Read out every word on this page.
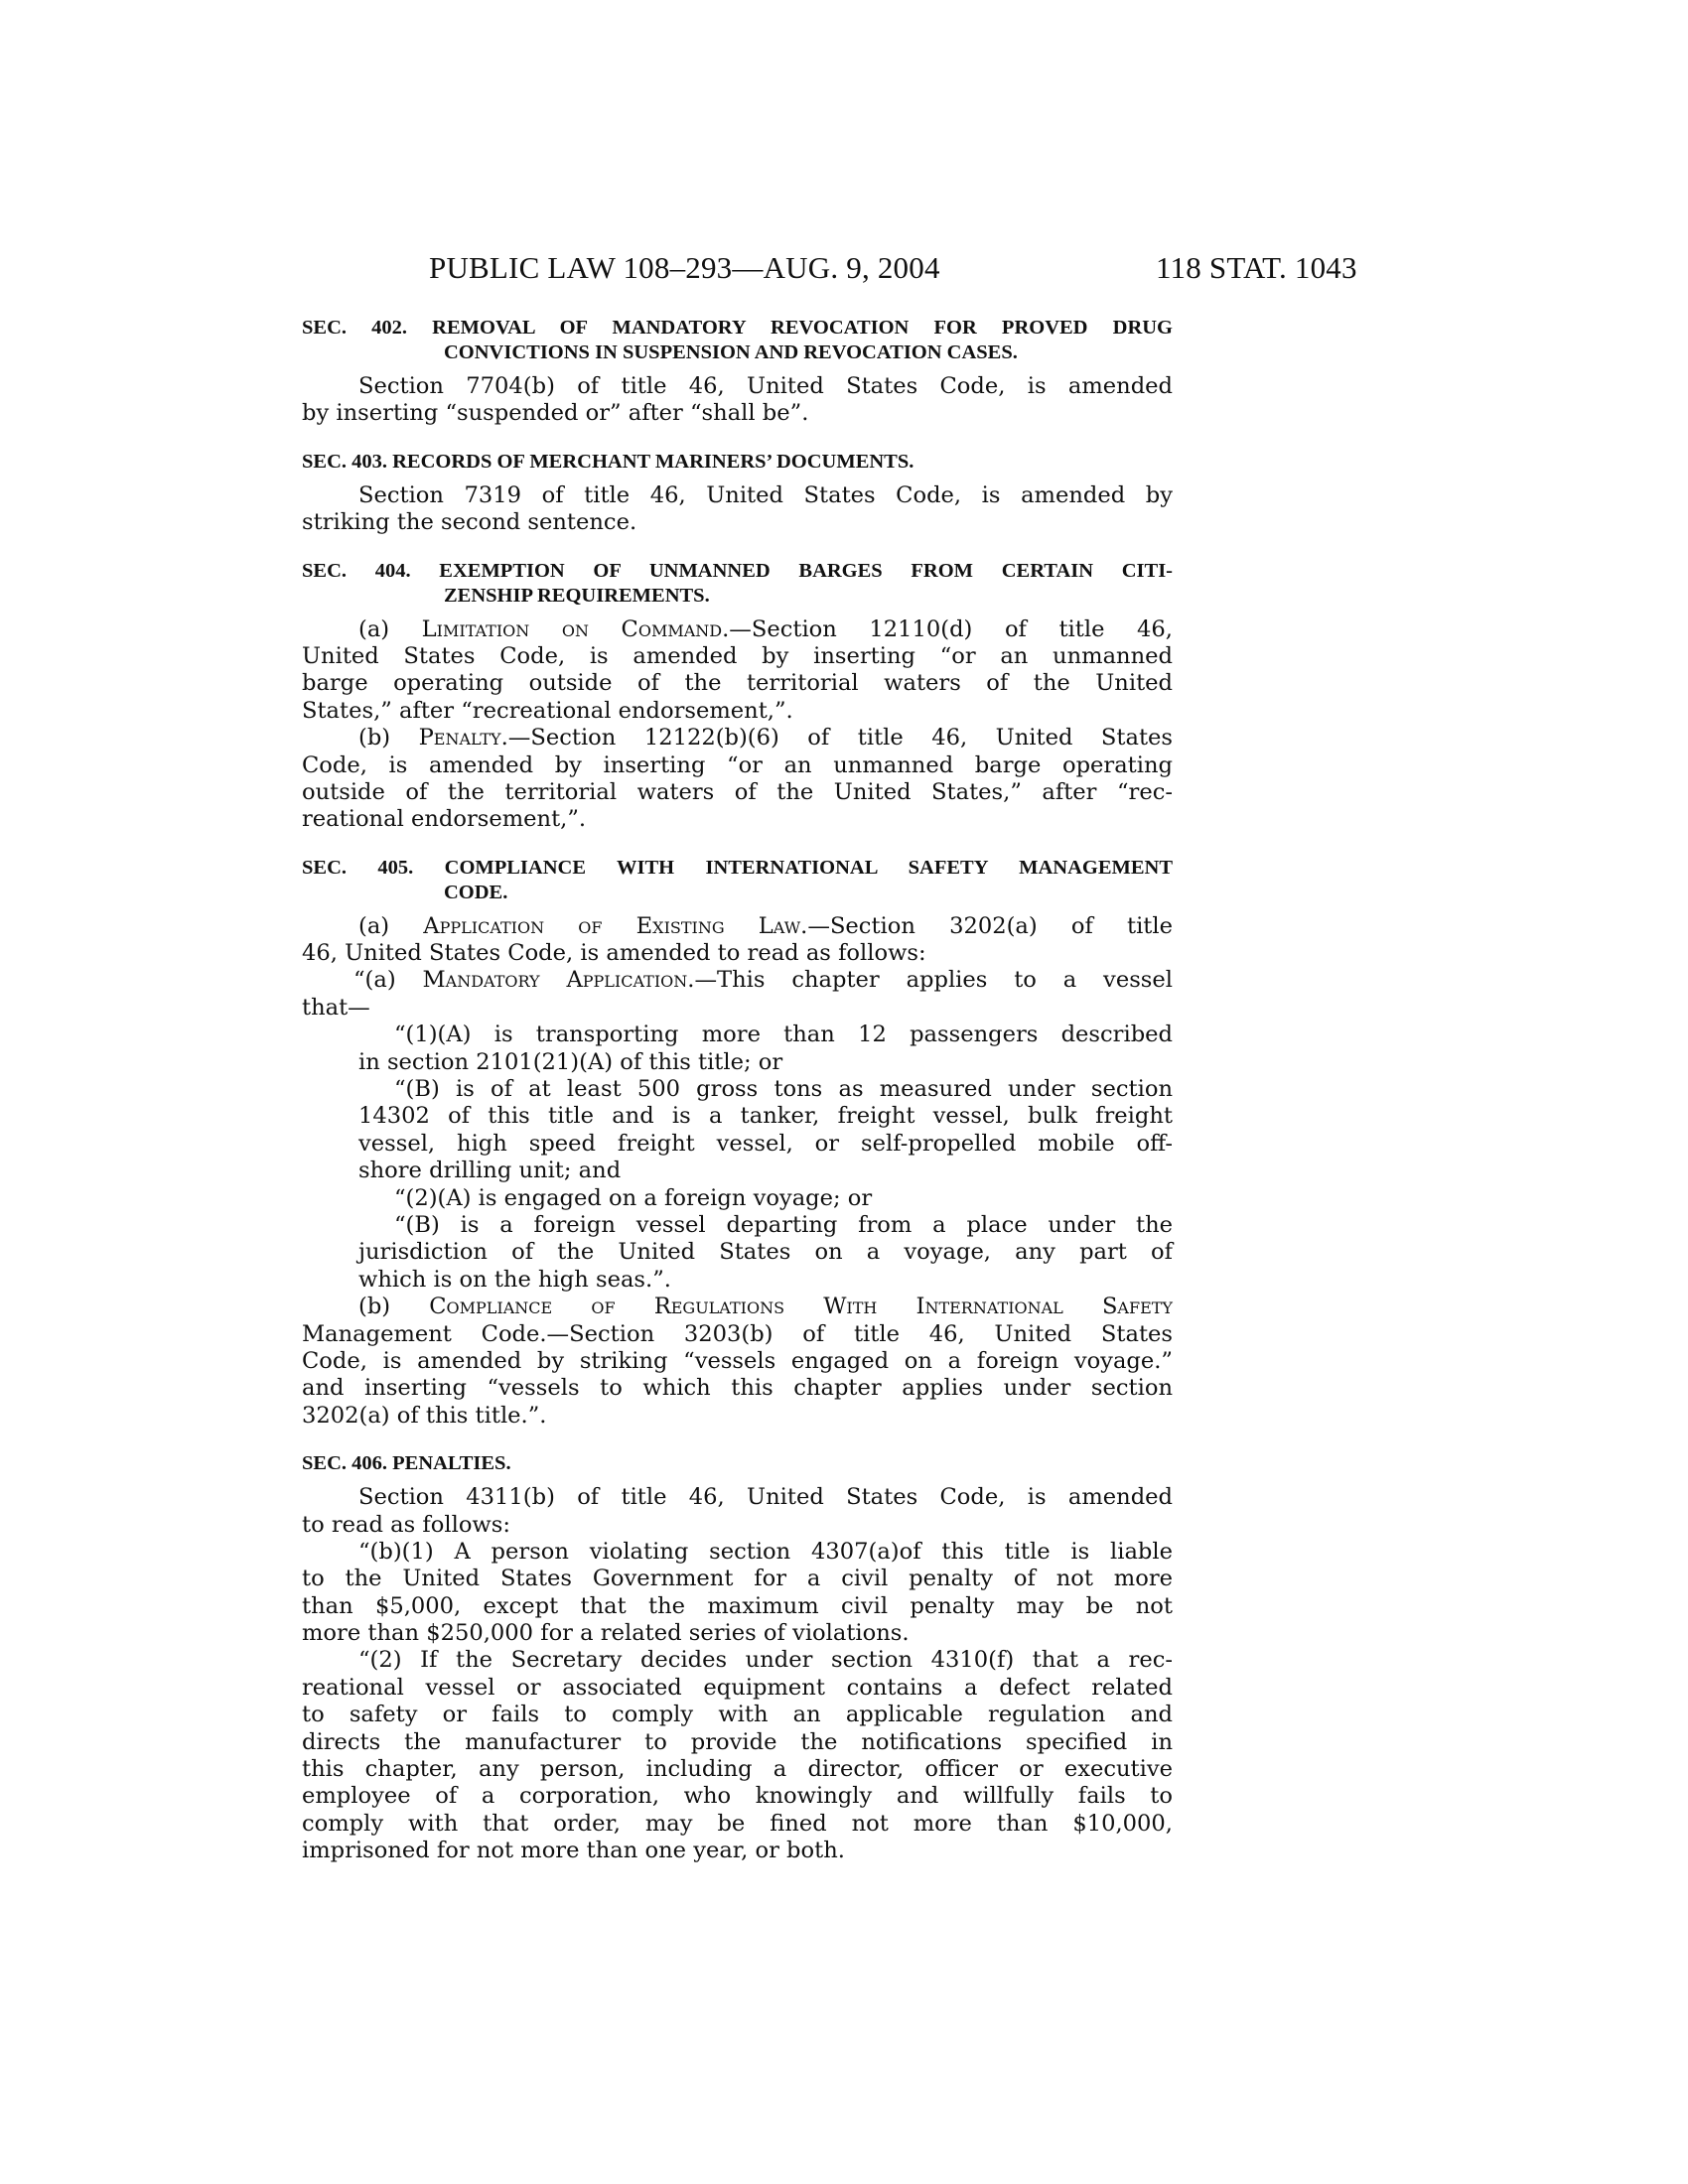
PUBLIC LAW 108–293—AUG. 9, 2004	118 STAT. 1043
SEC. 402. REMOVAL OF MANDATORY REVOCATION FOR PROVED DRUG
CONVICTIONS IN SUSPENSION AND REVOCATION CASES.
Section 7704(b) of title 46, United States Code, is amended
by inserting “suspended or” after “shall be”.
SEC. 403. RECORDS OF MERCHANT MARINERS’ DOCUMENTS.
Section 7319 of title 46, United States Code, is amended by
striking the second sentence.
SEC. 404. EXEMPTION OF UNMANNED BARGES FROM CERTAIN CITI-
ZENSHIP REQUIREMENTS.
(a) Limitation on Command.—Section 12110(d) of title 46,
United States Code, is amended by inserting “or an unmanned
barge operating outside of the territorial waters of the United
States,” after “recreational endorsement,”.
(b) Penalty.—Section 12122(b)(6) of title 46, United States
Code, is amended by inserting “or an unmanned barge operating
outside of the territorial waters of the United States,” after “rec-
reational endorsement,”.
SEC. 405. COMPLIANCE WITH INTERNATIONAL SAFETY MANAGEMENT
CODE.
(a) Application of Existing Law.—Section 3202(a) of title
46, United States Code, is amended to read as follows:
“(a) Mandatory Application.—This chapter applies to a vessel
that—
“(1)(A) is transporting more than 12 passengers described
in section 2101(21)(A) of this title; or
“(B) is of at least 500 gross tons as measured under section
14302 of this title and is a tanker, freight vessel, bulk freight
vessel, high speed freight vessel, or self-propelled mobile off-
shore drilling unit; and
“(2)(A) is engaged on a foreign voyage; or
“(B) is a foreign vessel departing from a place under the
jurisdiction of the United States on a voyage, any part of
which is on the high seas.”.
(b) Compliance of Regulations With International Safety
Management Code.—Section 3203(b) of title 46, United States
Code, is amended by striking “vessels engaged on a foreign voyage.”
and inserting “vessels to which this chapter applies under section
3202(a) of this title.”.
SEC. 406. PENALTIES.
Section 4311(b) of title 46, United States Code, is amended
to read as follows:
“(b)(1) A person violating section 4307(a)of this title is liable
to the United States Government for a civil penalty of not more
than $5,000, except that the maximum civil penalty may be not
more than $250,000 for a related series of violations.
“(2) If the Secretary decides under section 4310(f) that a rec-
reational vessel or associated equipment contains a defect related
to safety or fails to comply with an applicable regulation and
directs the manufacturer to provide the notifications specified in
this chapter, any person, including a director, officer or executive
employee of a corporation, who knowingly and willfully fails to
comply with that order, may be fined not more than $10,000,
imprisoned for not more than one year, or both.
